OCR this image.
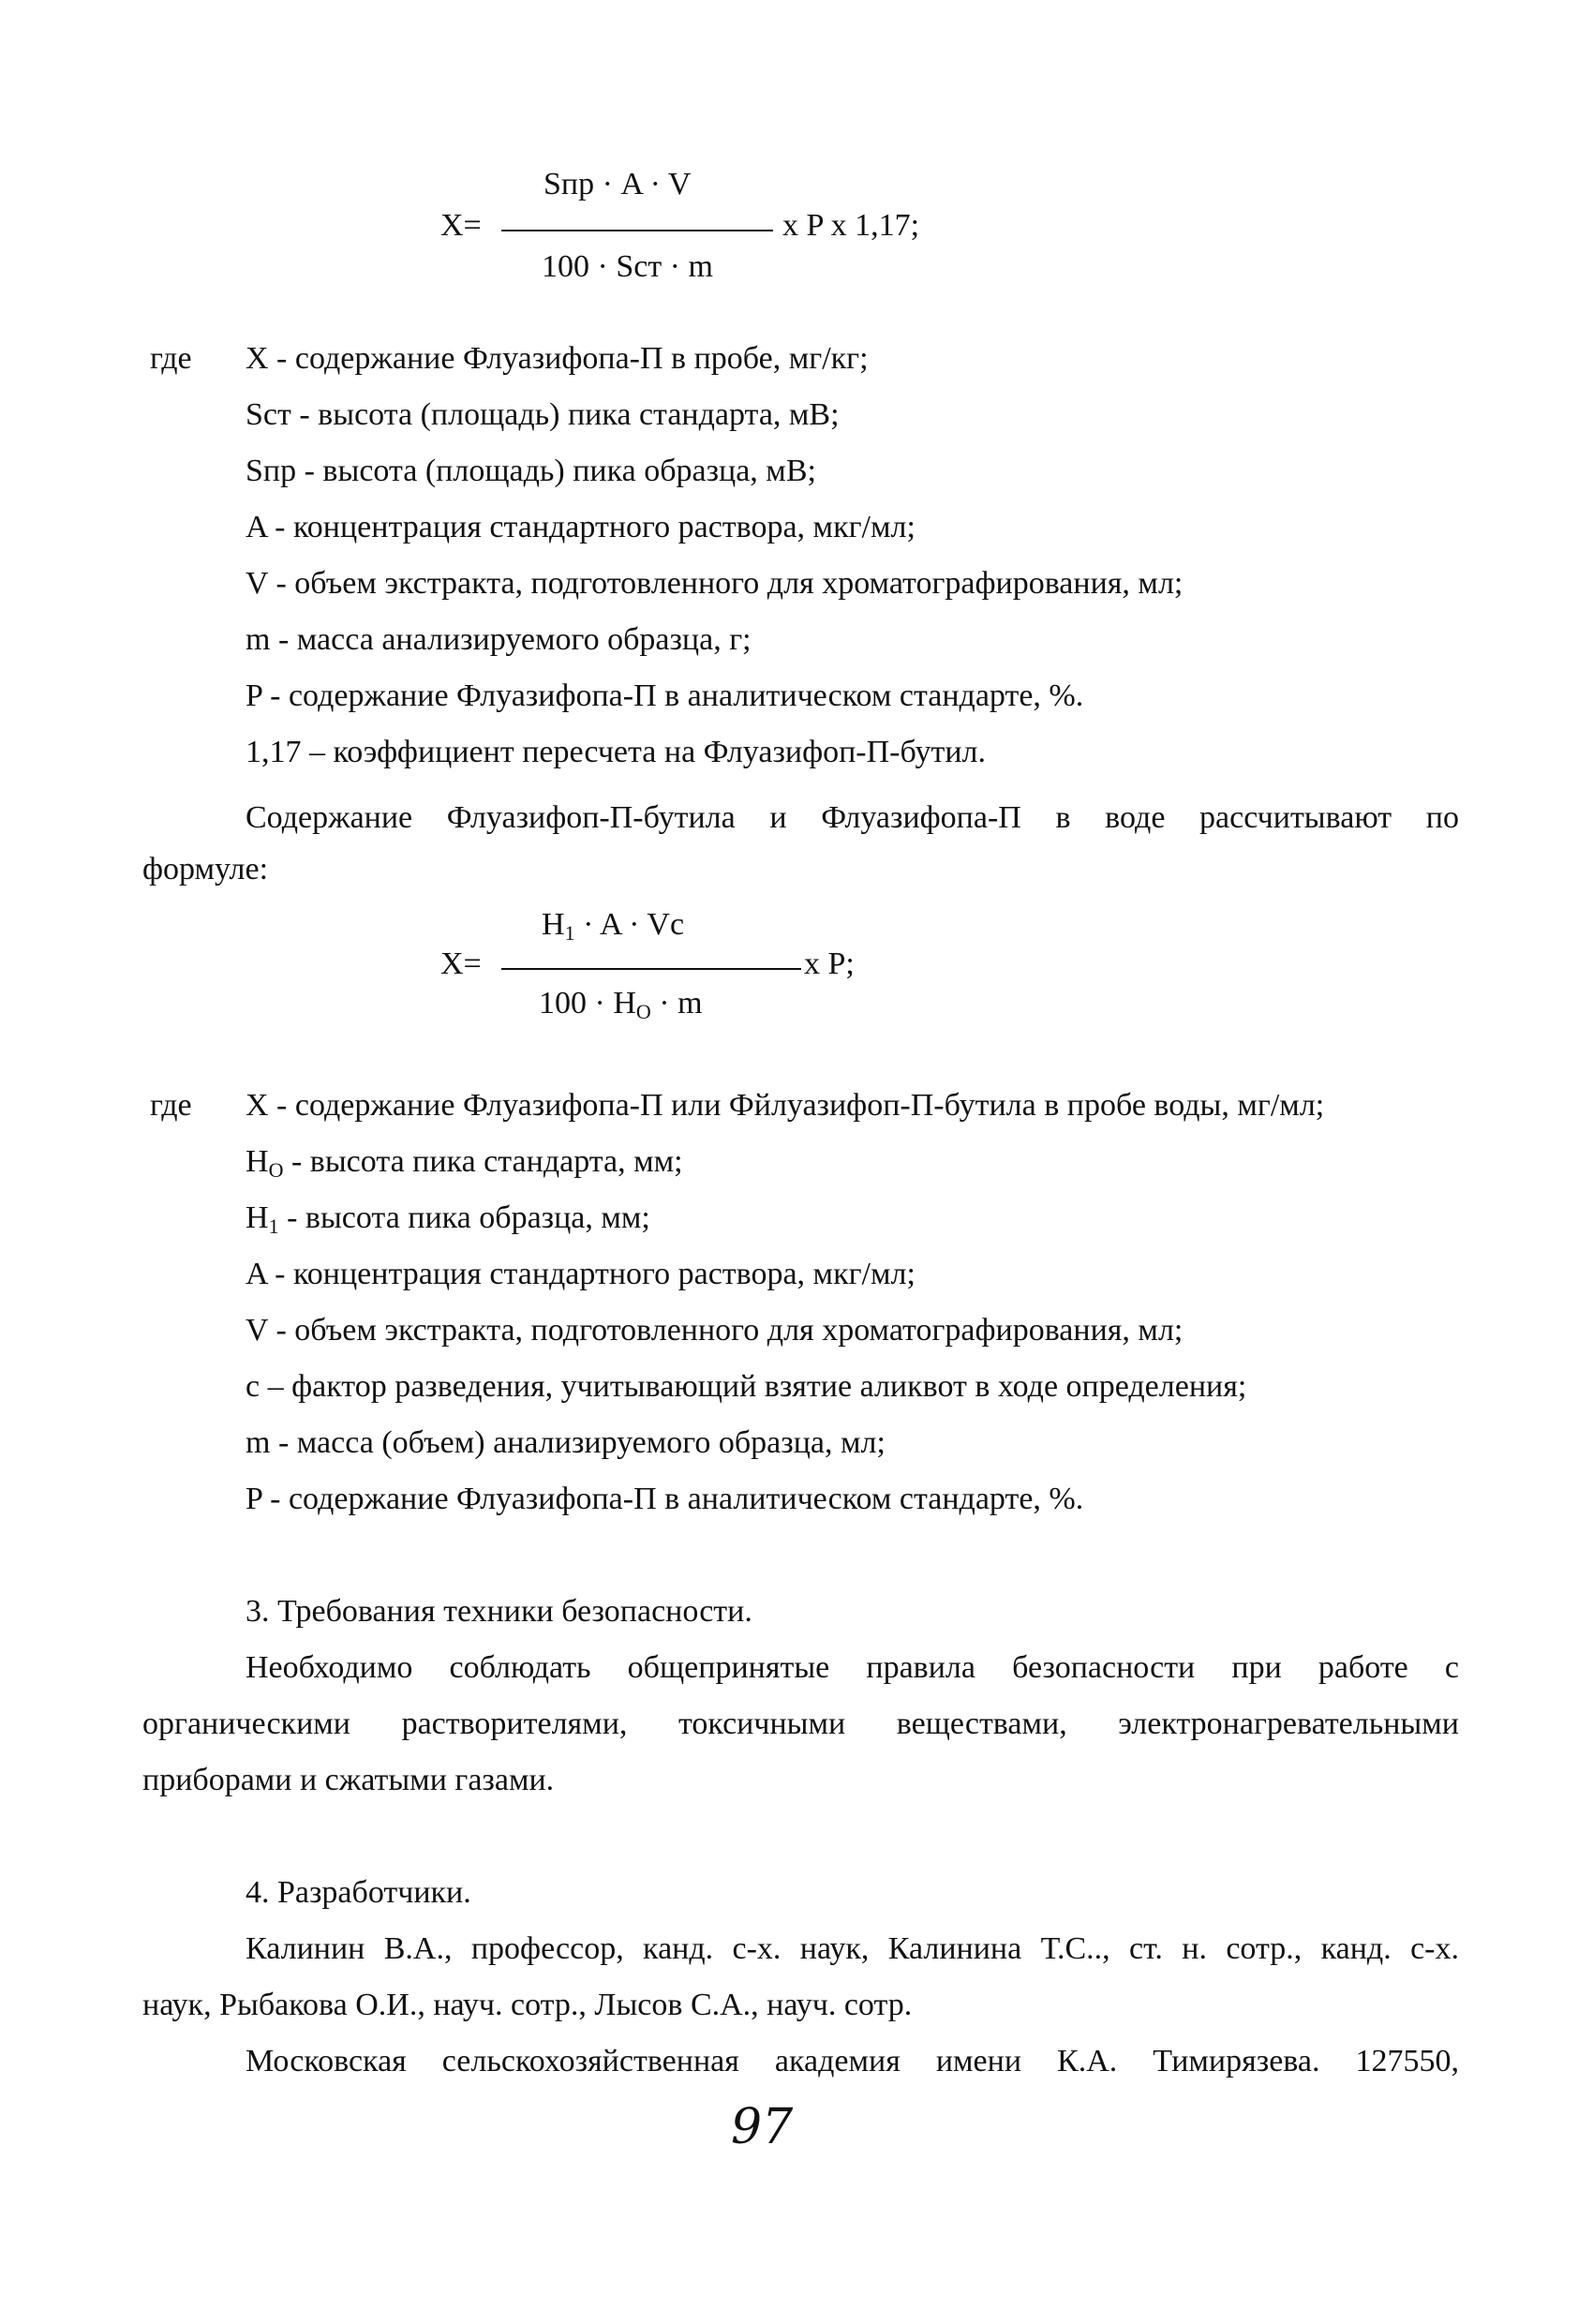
Sпр · A · V
X=	x P x 1,17;
100 · Sст · m
где X - содержание Флуазифопа-П в пробе, мг/кг;
Sст - высота (площадь) пика стандарта, мВ;
Sпр - высота (площадь) пика образца, мВ;
A - концентрация стандартного раствора, мкг/мл;
V - объем экстракта, подготовленного для хроматографирования, мл;
m - масса анализируемого образца, г;
P - содержание Флуазифопа-П в аналитическом стандарте, %.
1,17 – коэффициент пересчета на Флуазифоп-П-бутил.
Содержание Флуазифоп-П-бутила и Флуазифопа-П в воде рассчитывают по
формуле:
$H_1 \cdot A \cdot Vc$
X=	x P;
$100 \cdot H_O \cdot m$
где X - содержание Флуазифопа-П или Фйлуазифоп-П-бутила в пробе воды, мг/мл;
$H_O$ - высота пика стандарта, мм;
$H_1$ - высота пика образца, мм;
A - концентрация стандартного раствора, мкг/мл;
V - объем экстракта, подготовленного для хроматографирования, мл;
c – фактор разведения, учитывающий взятие аликвот в ходе определения;
m - масса (объем) анализируемого образца, мл;
P - содержание Флуазифопа-П в аналитическом стандарте, %.
3. Требования техники безопасности.
Необходимо соблюдать общепринятые правила безопасности при работе с
органическими растворителями, токсичными веществами, электронагревательными
приборами и сжатыми газами.
4. Разработчики.
Калинин В.А., профессор, канд. с-х. наук, Калинина Т.С.., ст. н. сотр., канд. с-х.
наук, Рыбакова О.И., науч. сотр., Лысов С.А., науч. сотр.
Московская сельскохозяйственная академия имени К.А. Тимирязева. 127550,
97
